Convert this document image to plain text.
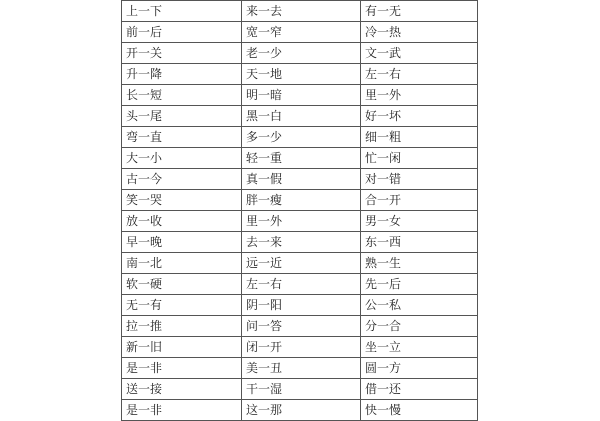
上一下	来一去	有一无
前一后	宽一窄	冷一热
开一关	老一少	文一武
升一降	天一地	左一右
长一短	明一暗	里一外
头一尾	黑一白	好一坏
弯一直	多一少	细一粗
大一小	轻一重	忙一闲
古一今	真一假	对一错
笑一哭	胖一瘦	合一开
放一收	里一外	男一女
早一晚	去一来	东一西
南一北	远一近	熟一生
软一硬	左一右	先一后
无一有	阴一阳	公一私
拉一推	问一答	分一合
新一旧	闭一开	坐一立
是一非	美一丑	圆一方
送一接	干一湿	借一还
是一非	这一那	快一慢
